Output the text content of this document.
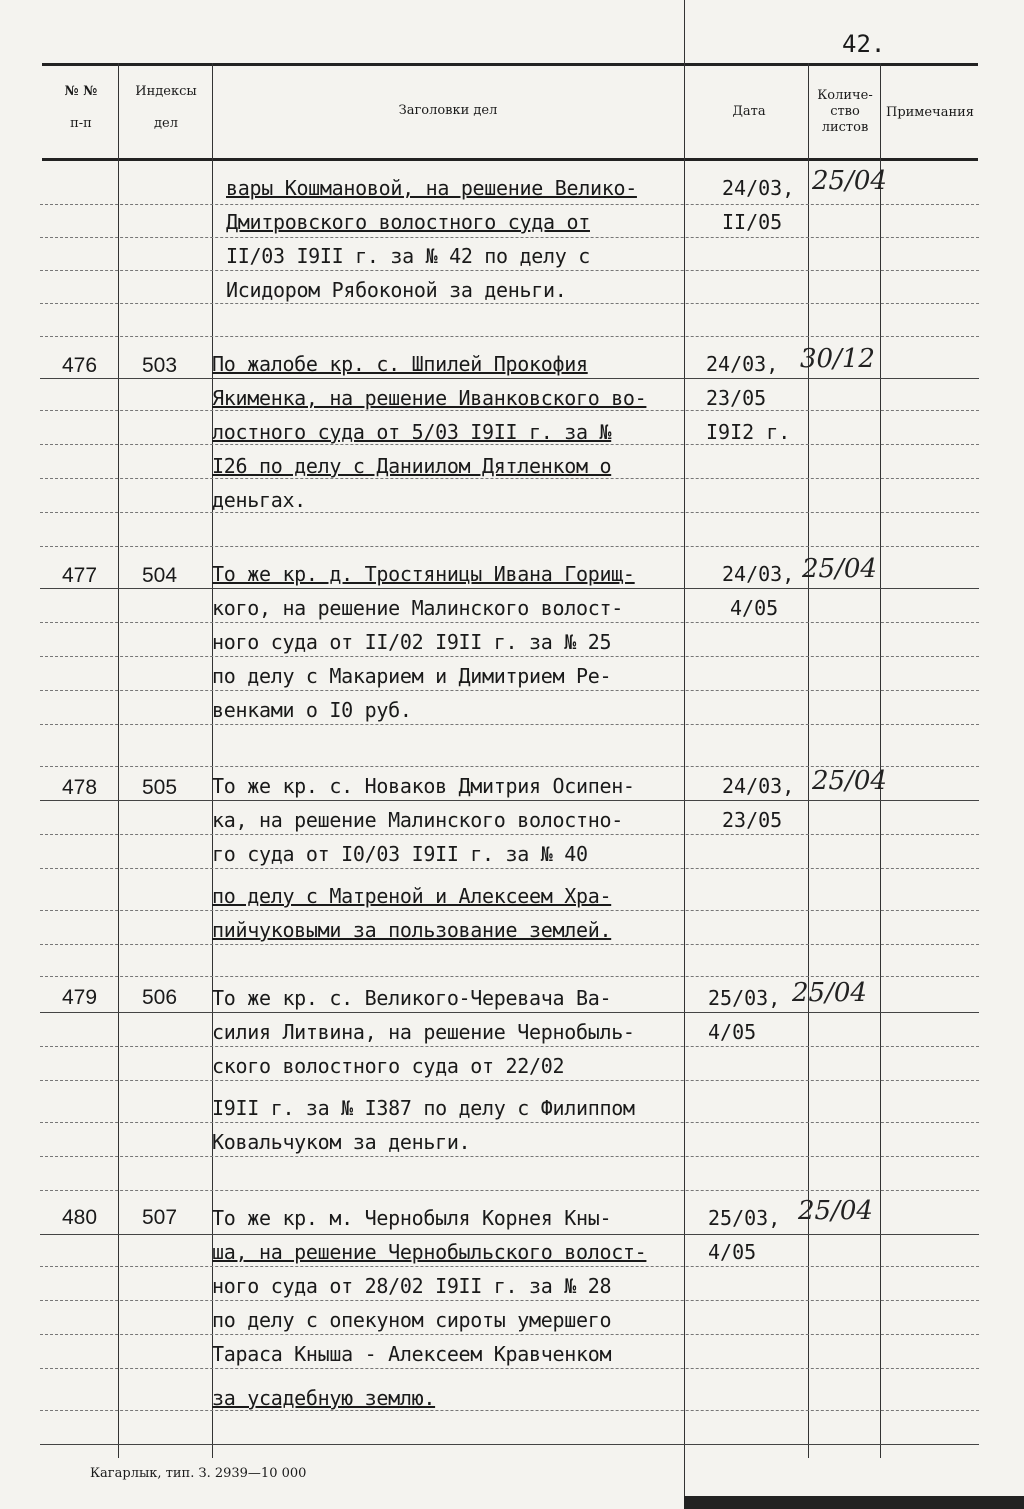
42.
№ №
п-п
Индексы
дел
Заголовки дел	Дата
Количе-
ство
листов
Примечания
вары Кошмановой, на решение Велико-
Дмитровского волостного суда от
II/03 I9II г. за № 42 по делу с
Исидором Рябоконой за деньги.
24/03,
II/05
25/04
476 503 По жалобе кр. с. Шпилей Прокофия
Якименка, на решение Иванковского во-
лостного суда от 5/03 I9II г. за №
I26 по делу с Даниилом Дятленком о
деньгах.
24/03,
23/05
I9I2 г.
30/12
477 504 То же кр. д. Тростяницы Ивана Горищ-
кого, на решение Малинского волост-
ного суда от II/02 I9II г. за № 25
по делу с Макарием и Димитрием Ре-
венками о I0 руб.
24/03,
4/05
25/04
478 505 То же кр. с. Новаков Дмитрия Осипен-
ка, на решение Малинского волостно-
го суда от I0/03 I9II г. за № 40
по делу с Матреной и Алексеем Хра-
пийчуковыми за пользование землей.
24/03,
23/05
25/04
479 506 То же кр. с. Великого-Черевача Ва-
силия Литвина, на решение Чернобыль-
ского волостного суда от 22/02
I9II г. за № I387 по делу с Филиппом
Ковальчуком за деньги.
25/03,
4/05
25/04
480 507 То же кр. м. Чернобыля Корнея Кны-
ша, на решение Чернобыльского волост-
ного суда от 28/02 I9II г. за № 28
по делу с опекуном сироты умершего
Тараса Кныша - Алексеем Кравченком
за усадебную землю.
25/03,
4/05
25/04
Кагарлык, тип. З. 2939—10 000
